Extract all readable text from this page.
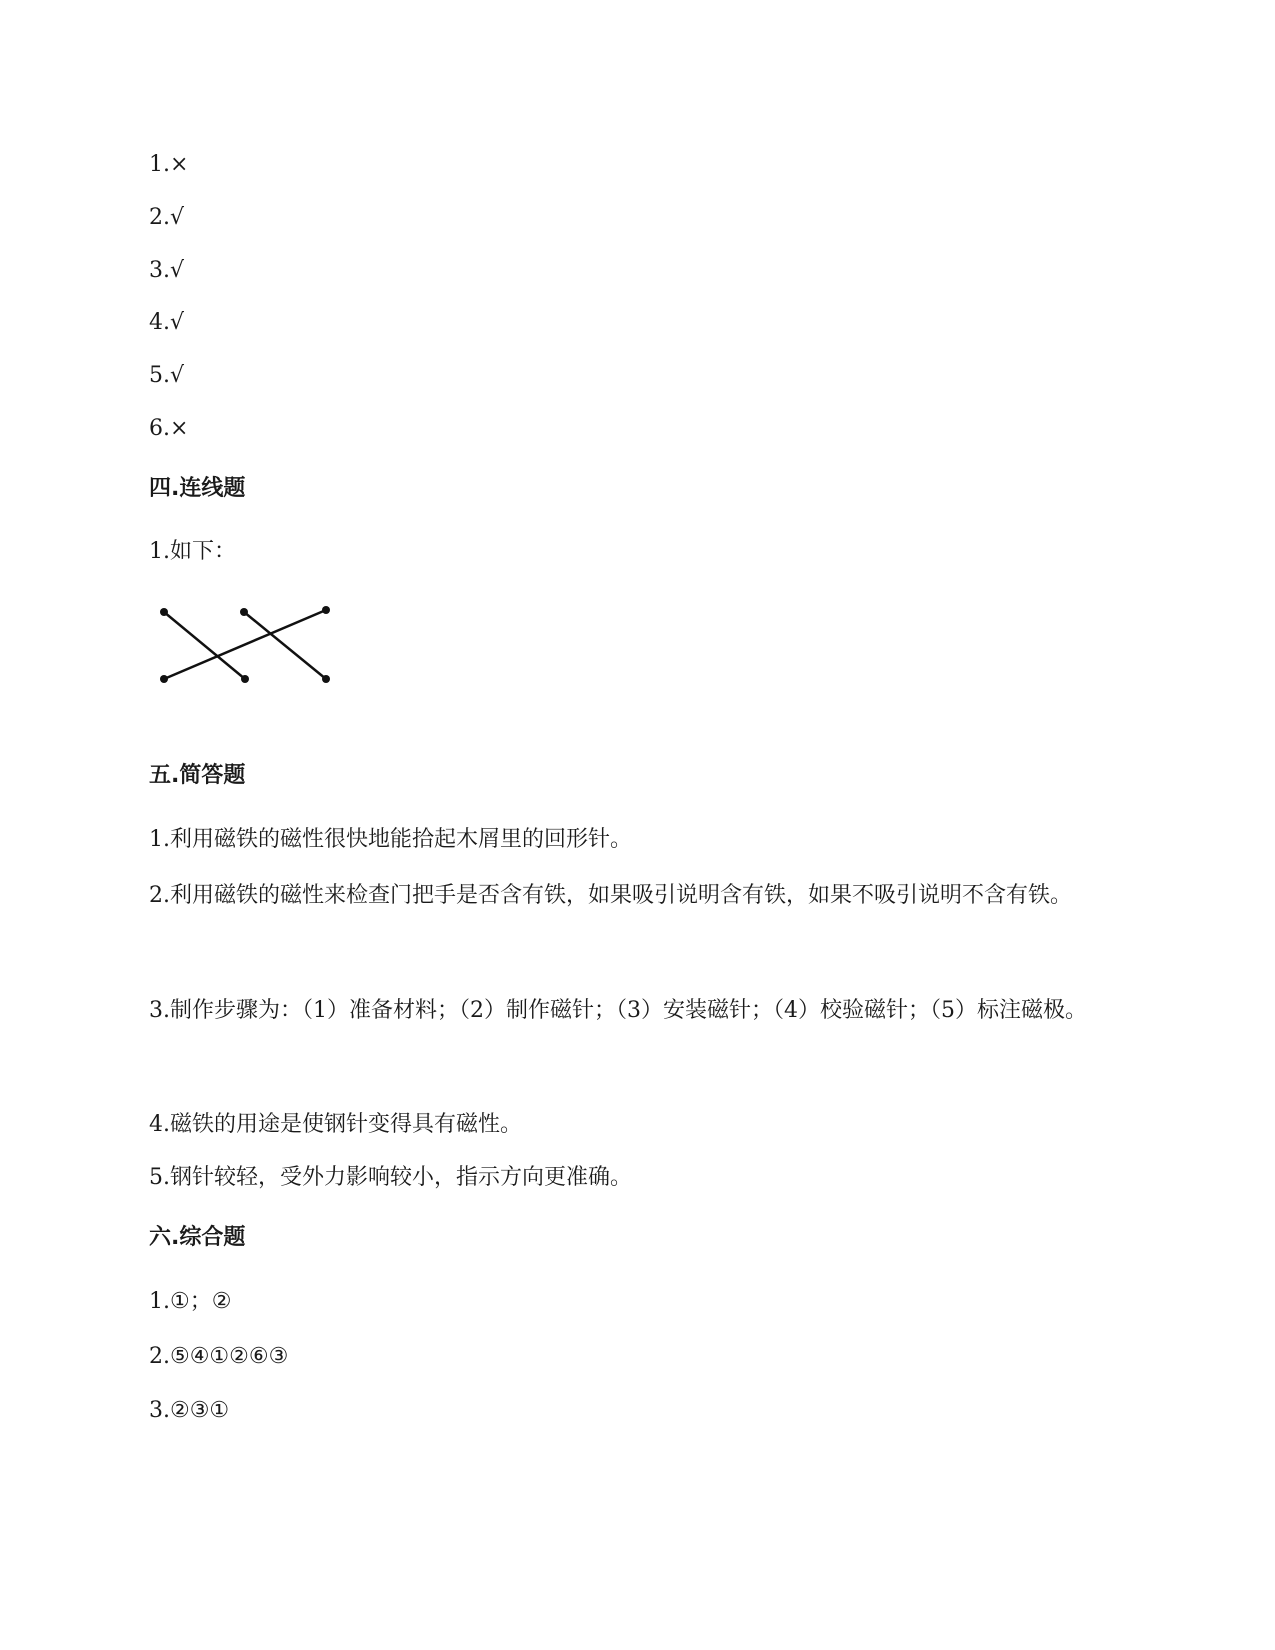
1.×
2.√
3.√
4.√
5.√
6.×
四.连线题
1.如下：
五.简答题
1.利用磁铁的磁性很快地能拾起木屑里的回形针。
2.利用磁铁的磁性来检查门把手是否含有铁，如果吸引说明含有铁，如果不吸引说明不含有铁。
3.制作步骤为：（1）准备材料；（2）制作磁针；（3）安装磁针；（4）校验磁针；（5）标注磁极。
4.磁铁的用途是使钢针变得具有磁性。
5.钢针较轻，受外力影响较小，指示方向更准确。
六.综合题
1.①；②
2.⑤④①②⑥③
3.②③①
